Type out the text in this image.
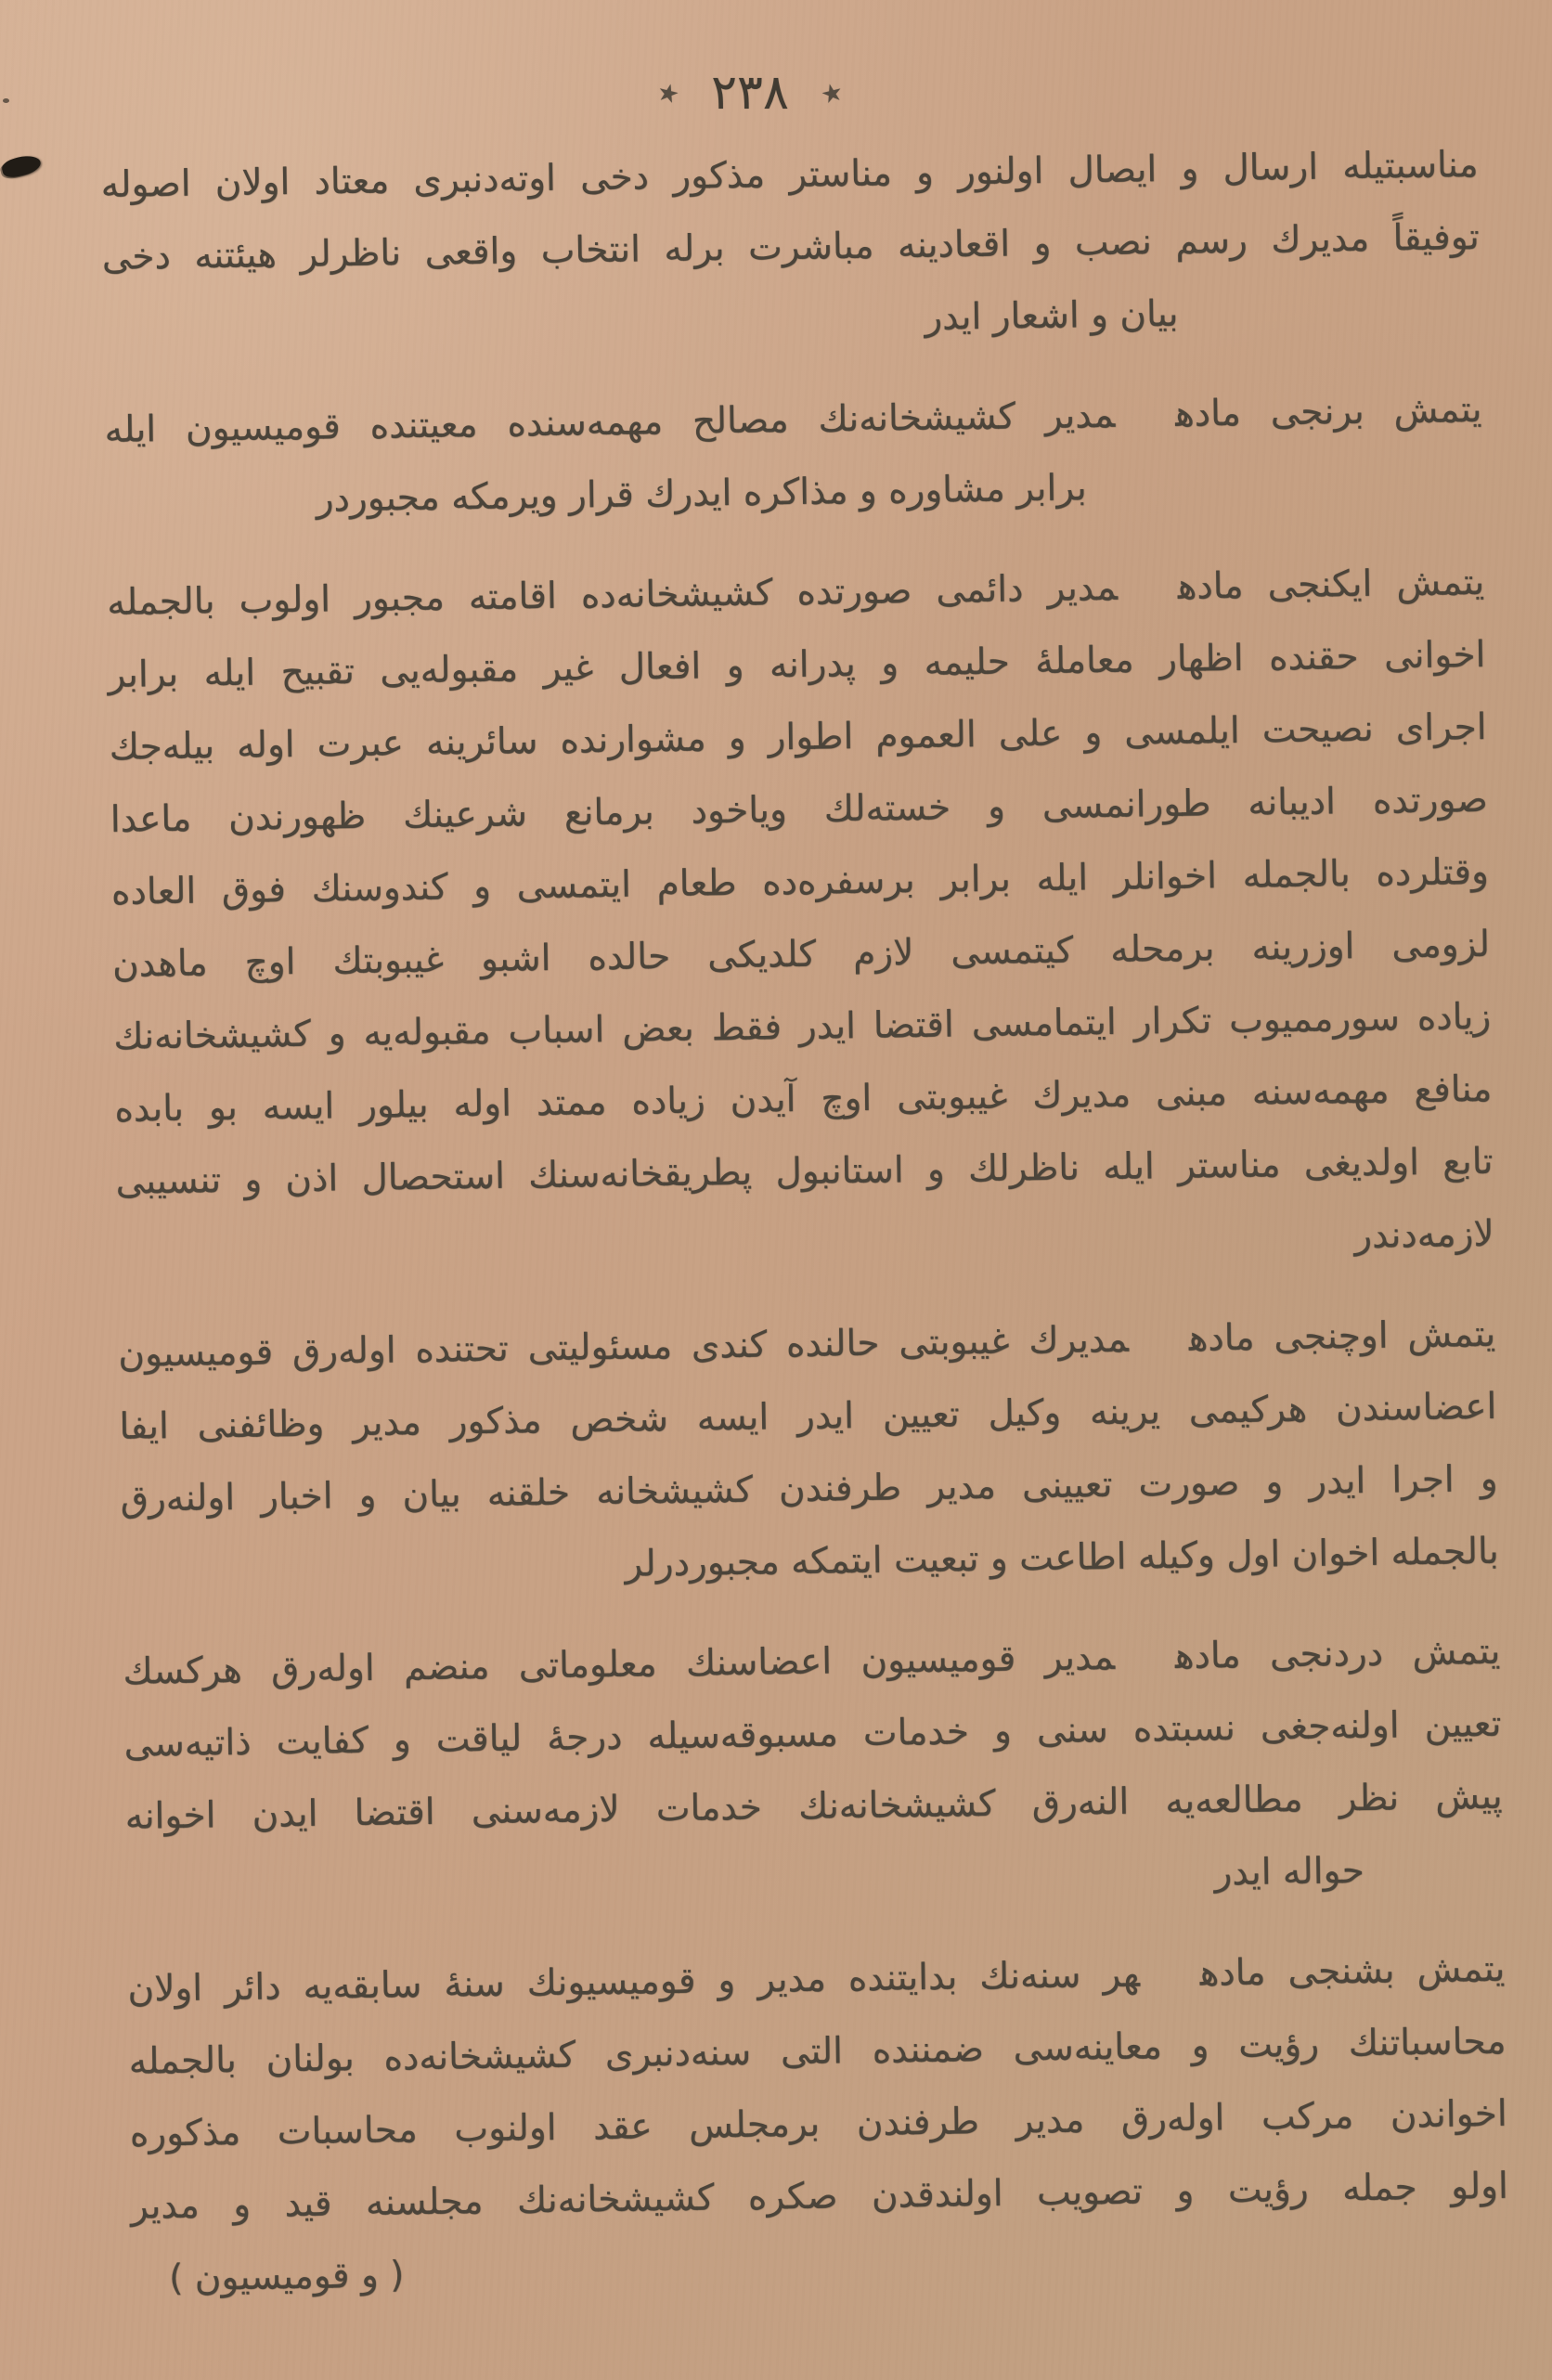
٭
٢٣٨
٭
مناسبتيله ارسال و ايصال اولنور و مناستر مذكور دخى اوته‌دنبرى معتاد اولان اصوله
توفيقاً مديرك رسم نصب و اقعادينه مباشرت برله انتخاب واقعى ناظرلر هيئتنه دخى
بيان و اشعار ايدر
يتمش برنجى مادهمدير كشيشخانه‌نك مصالح مهمه‌سنده معيتنده قوميسيون ايله
برابر مشاوره و مذاكره ايدرك قرار ويرمكه مجبوردر
يتمش ايكنجى مادهمدير دائمى صورتده كشيشخانه‌ده اقامته مجبور اولوب بالجمله
اخوانى حقنده اظهار معاملهٔ حليمه و پدرانه و افعال غير مقبوله‌يى تقبيح ايله برابر
اجراى نصيحت ايلمسى و على العموم اطوار و مشوارنده سائرينه عبرت اوله بيله‌جك
صورتده اديبانه طورانمسى و خسته‌لك وياخود برمانع شرعينك ظهورندن ماعدا
وقتلرده بالجمله اخوانلر ايله برابر برسفره‌ده طعام ايتمسى و كندوسنك فوق العاده
لزومى اوزرينه برمحله كيتمسى لازم كلديكى حالده اشبو غيبوبتك اوچ ماهدن
زياده سورمميوب تكرار ايتمامسى اقتضا ايدر فقط بعض اسباب مقبوله‌يه و كشيشخانه‌نك
منافع مهمه‌سنه مبنى مديرك غيبوبتى اوچ آيدن زياده ممتد اوله بيلور ايسه بو بابده
تابع اولديغى مناستر ايله ناظرلك و استانبول پطريقخانه‌سنك استحصال اذن و تنسيبى
لازمه‌دندر
يتمش اوچنجى مادهمديرك غيبوبتى حالنده كندى مسئوليتى تحتنده اوله‌رق قوميسيون
اعضاسندن هركيمى يرينه وكيل تعيين ايدر ايسه شخص مذكور مدير وظائفنى ايفا
و اجرا ايدر و صورت تعيينى مدير طرفندن كشيشخانه خلقنه بيان و اخبار اولنه‌رق
بالجمله اخوان اول وكيله اطاعت و تبعيت ايتمكه مجبوردرلر
يتمش دردنجى مادهمدير قوميسيون اعضاسنك معلوماتى منضم اوله‌رق هركسك
تعيين اولنه‌جغى نسبتده سنى و خدمات مسبوقه‌سيله درجهٔ لياقت و كفايت ذاتيه‌سى
پيش نظر مطالعه‌يه النه‌رق كشيشخانه‌نك خدمات لازمه‌سنى اقتضا ايدن اخوانه
حواله ايدر
يتمش بشنجى مادههر سنه‌نك بدايتنده مدير و قوميسيونك سنهٔ سابقه‌يه دائر اولان
محاسباتنك رؤيت و معاينه‌سى ضمننده التى سنه‌دنبرى كشيشخانه‌ده بولنان بالجمله
اخواندن مركب اوله‌رق مدير طرفندن برمجلس عقد اولنوب محاسبات مذكوره
اولو جمله رؤيت و تصويب اولندقدن صكره كشيشخانه‌نك مجلسنه قيد و مدير
( و قوميسيون )
